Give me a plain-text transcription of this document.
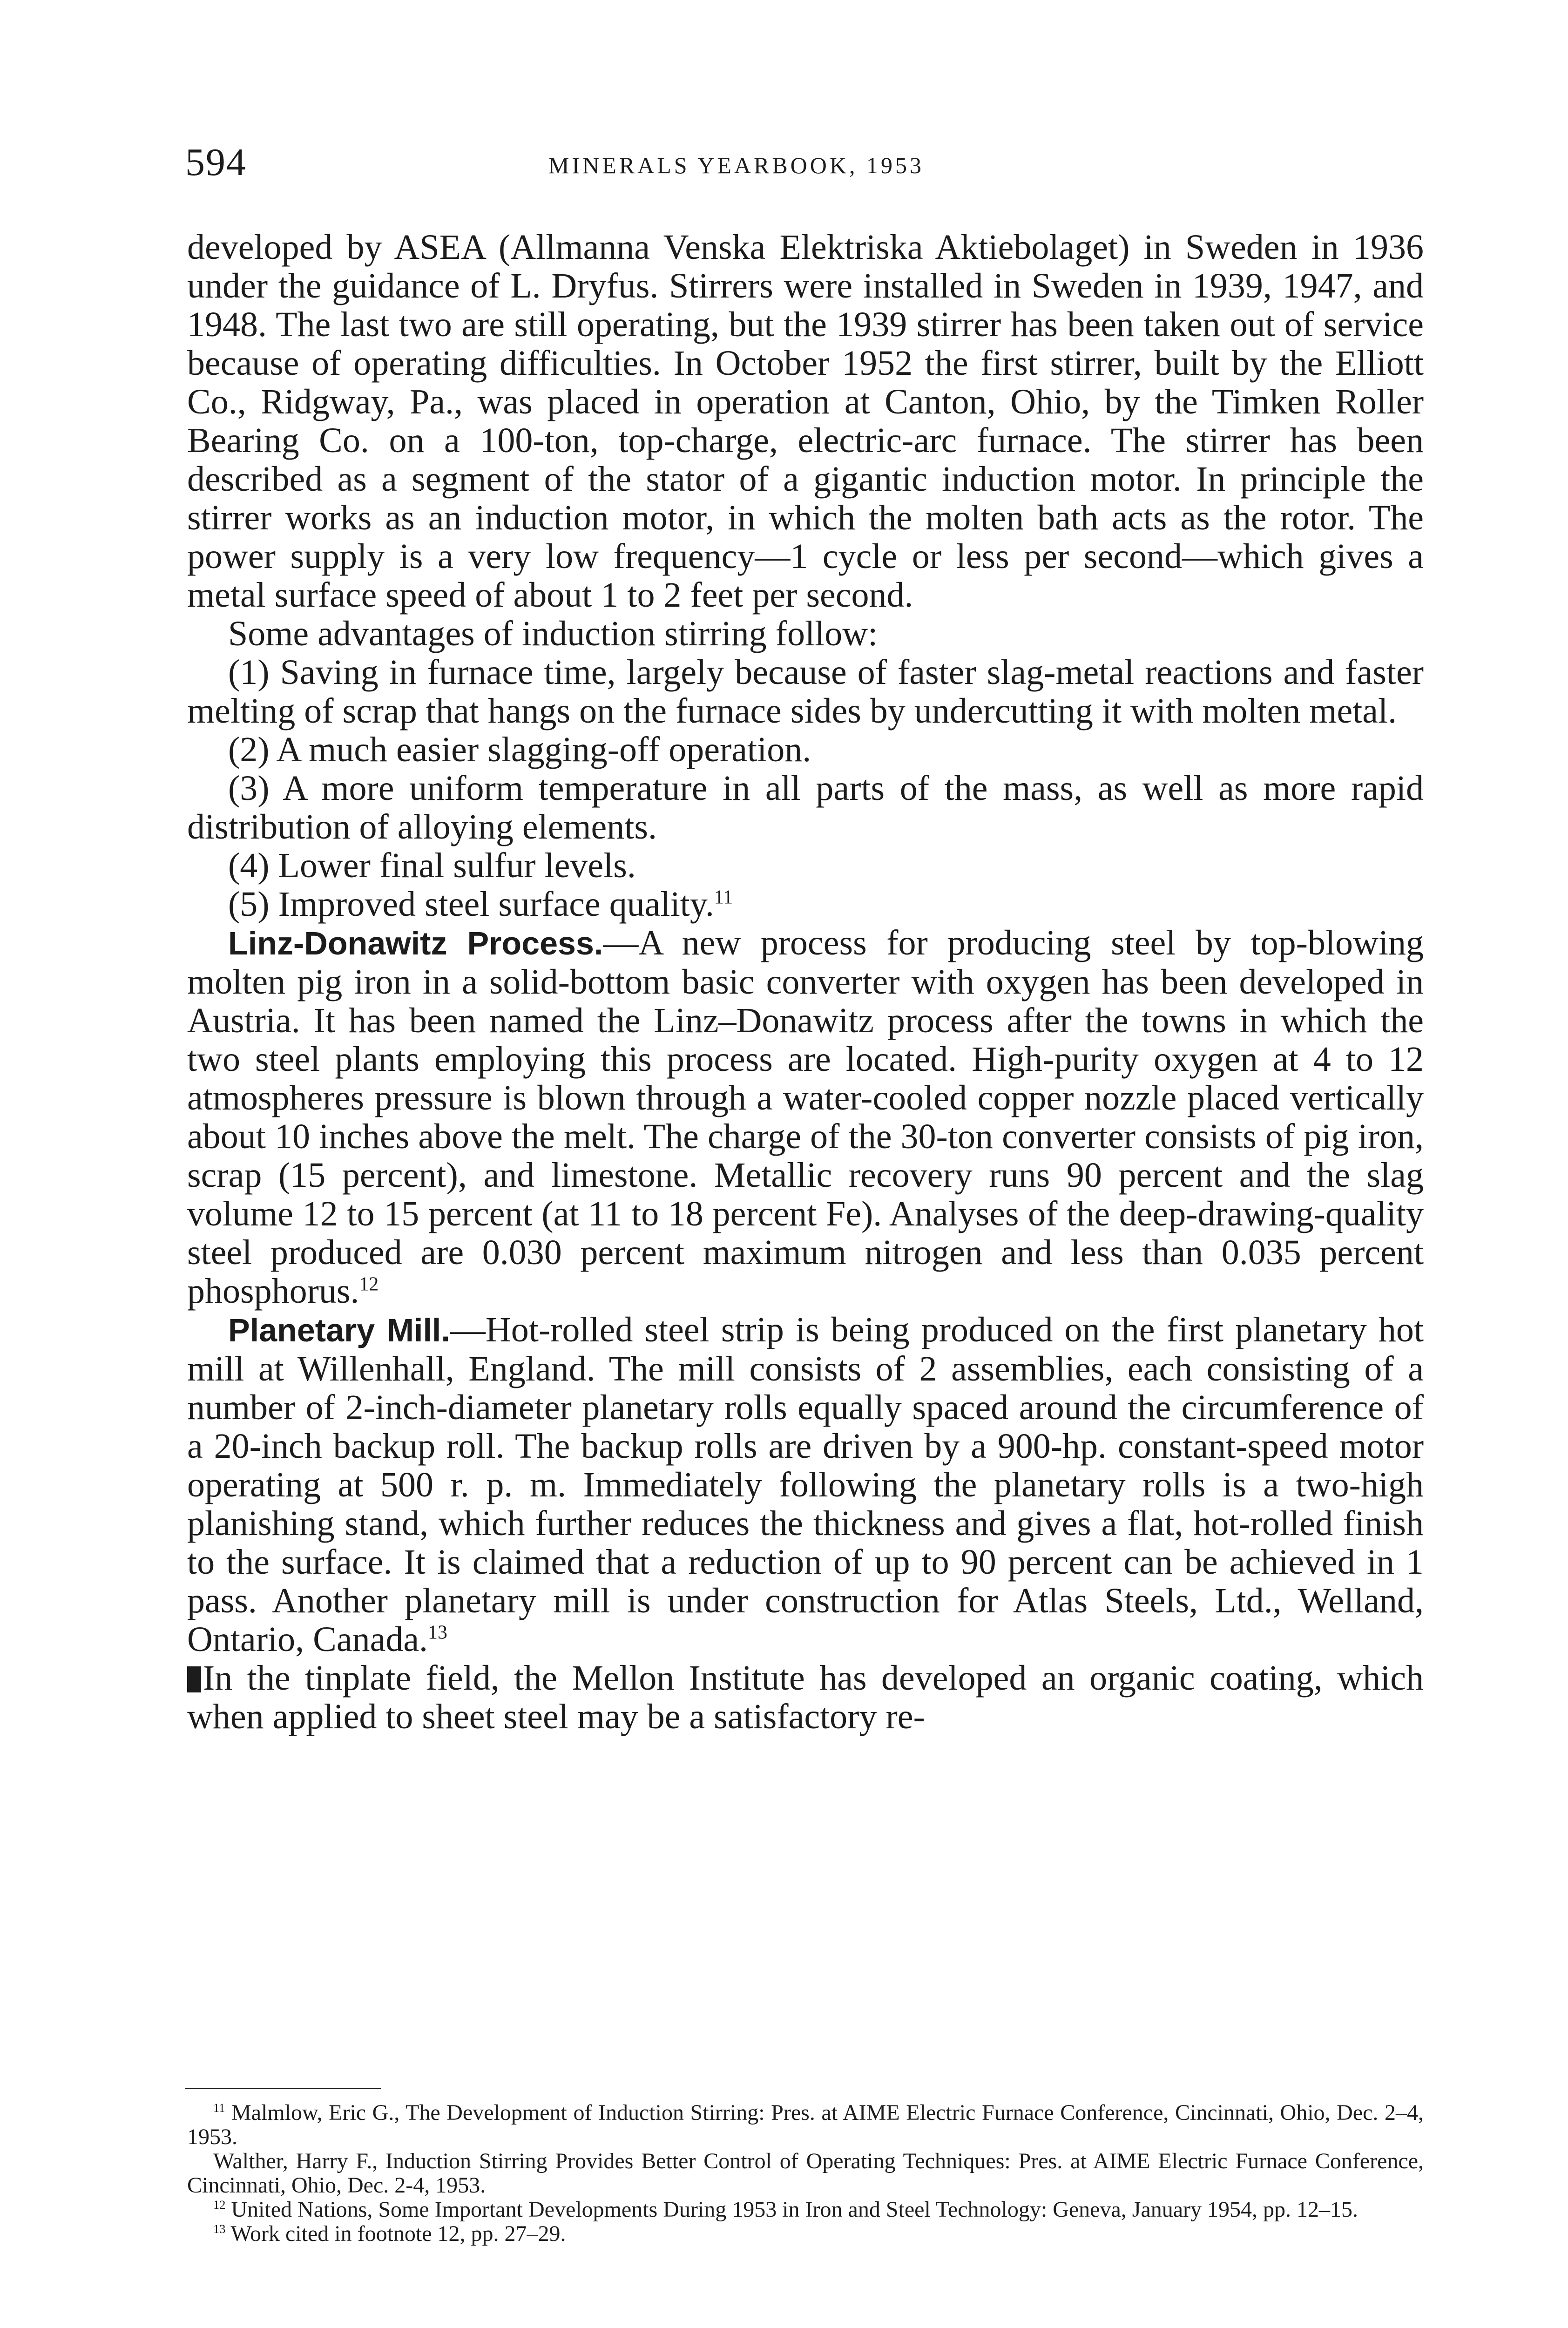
594	MINERALS YEARBOOK, 1953

developed by ASEA (Allmanna Venska Elektriska Aktiebolaget) in Sweden in 1936 under the guidance of L. Dryfus. Stirrers were installed in Sweden in 1939, 1947, and 1948. The last two are still operating, but the 1939 stirrer has been taken out of service because of operating difficulties. In October 1952 the first stirrer, built by the Elliott Co., Ridgway, Pa., was placed in operation at Canton, Ohio, by the Timken Roller Bearing Co. on a 100-ton, top-charge, electric-arc furnace. The stirrer has been described as a segment of the stator of a gigantic induction motor. In principle the stirrer works as an induction motor, in which the molten bath acts as the rotor. The power supply is a very low frequency—1 cycle or less per second—which gives a metal surface speed of about 1 to 2 feet per second.

Some advantages of induction stirring follow:

(1) Saving in furnace time, largely because of faster slag-metal reactions and faster melting of scrap that hangs on the furnace sides by undercutting it with molten metal.

(2) A much easier slagging-off operation.

(3) A more uniform temperature in all parts of the mass, as well as more rapid distribution of alloying elements.

(4) Lower final sulfur levels.

(5) Improved steel surface quality.$^{11}$

Linz-Donawitz Process.—A new process for producing steel by top-blowing molten pig iron in a solid-bottom basic converter with oxygen has been developed in Austria. It has been named the Linz–Donawitz process after the towns in which the two steel plants employing this process are located. High-purity oxygen at 4 to 12 atmospheres pressure is blown through a water-cooled copper nozzle placed vertically about 10 inches above the melt. The charge of the 30-ton converter consists of pig iron, scrap (15 percent), and limestone. Metallic recovery runs 90 percent and the slag volume 12 to 15 percent (at 11 to 18 percent Fe). Analyses of the deep-drawing-quality steel produced are 0.030 percent maximum nitrogen and less than 0.035 percent phosphorus.$^{12}$

Planetary Mill.—Hot-rolled steel strip is being produced on the first planetary hot mill at Willenhall, England. The mill consists of 2 assemblies, each consisting of a number of 2-inch-diameter planetary rolls equally spaced around the circumference of a 20-inch backup roll. The backup rolls are driven by a 900-hp. constant-speed motor operating at 500 r. p. m. Immediately following the planetary rolls is a two-high planishing stand, which further reduces the thickness and gives a flat, hot-rolled finish to the surface. It is claimed that a reduction of up to 90 percent can be achieved in 1 pass. Another planetary mill is under construction for Atlas Steels, Ltd., Welland, Ontario, Canada.$^{13}$

In the tinplate field, the Mellon Institute has developed an organic coating, which when applied to sheet steel may be a satisfactory re-

$^{11}$ Malmlow, Eric G., The Development of Induction Stirring: Pres. at AIME Electric Furnace Conference, Cincinnati, Ohio, Dec. 2–4, 1953.

Walther, Harry F., Induction Stirring Provides Better Control of Operating Techniques: Pres. at AIME Electric Furnace Conference, Cincinnati, Ohio, Dec. 2-4, 1953.

$^{12}$ United Nations, Some Important Developments During 1953 in Iron and Steel Technology: Geneva, January 1954, pp. 12–15.

$^{13}$ Work cited in footnote 12, pp. 27–29.
